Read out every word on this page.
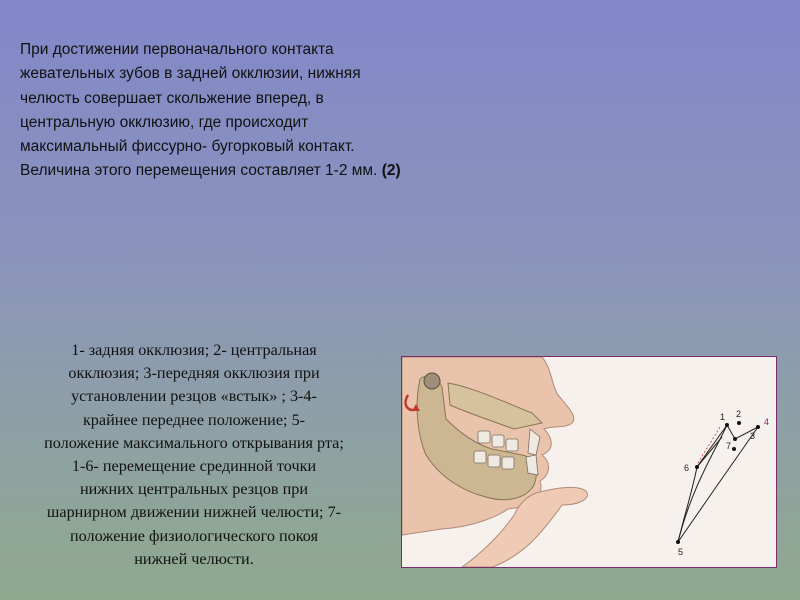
При достижении первоначального контакта
жевательных зубов в задней окклюзии, нижняя
челюсть совершает скольжение вперед, в
центральную окклюзию, где происходит
максимальный фиссурно- бугорковый контакт.
Величина этого перемещения составляет 1-2 мм. (2)
1- задняя окклюзия; 2- центральная
окклюзия; 3-передняя окклюзия при
установлении резцов «встык» ; 3-4-
крайнее переднее положение; 5-
положение максимального открывания рта;
1-6- перемещение срединной точки
нижних центральных резцов при
шарнирном движении нижней челюсти; 7-
положение физиологического покоя
нижней челюсти.
1 2
3
4
5
6
7
